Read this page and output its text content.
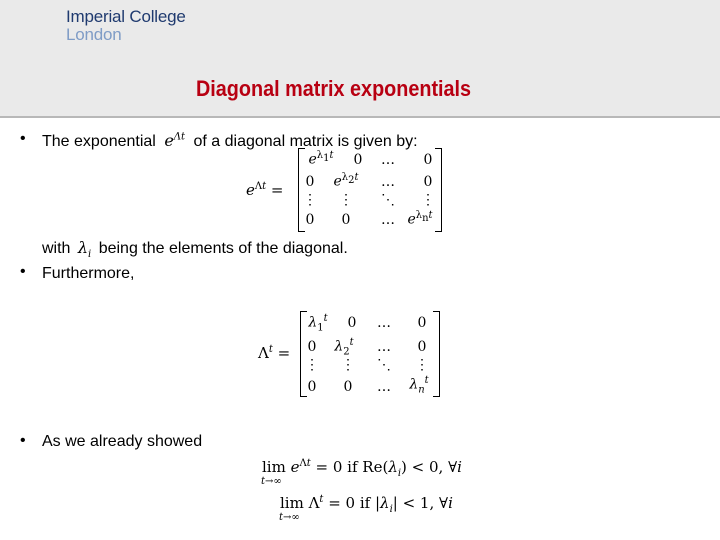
Imperial College
London
Diagonal matrix exponentials
• The exponential $e^{\Lambda t}$ of a diagonal matrix is given by:
$e^{\Lambda t}$ =
$e^{\lambda_1t}$	0 … 0
0	$e^{\lambda_2t}$	… 0
⋮ ⋮ ⋱ ⋮
0 0 … $e^{\lambda_nt}$
with $\lambda_i$ being the elements of the diagonal.
• Furthermore,
$\Lambda^t$ =
$\lambda_1^t$	0 … 0
0	$\lambda_2^t$	… 0
⋮ ⋮ ⋱ ⋮
0 0 …	$\lambda_n^t$
• As we already showed
$\lim e^{\Lambda t} = 0$ if $Re(\lambda_i) < 0$, ∀i
t→∞
$\lim \Lambda^t = 0$ if $|\lambda_i| < 1$, ∀i
t→∞
